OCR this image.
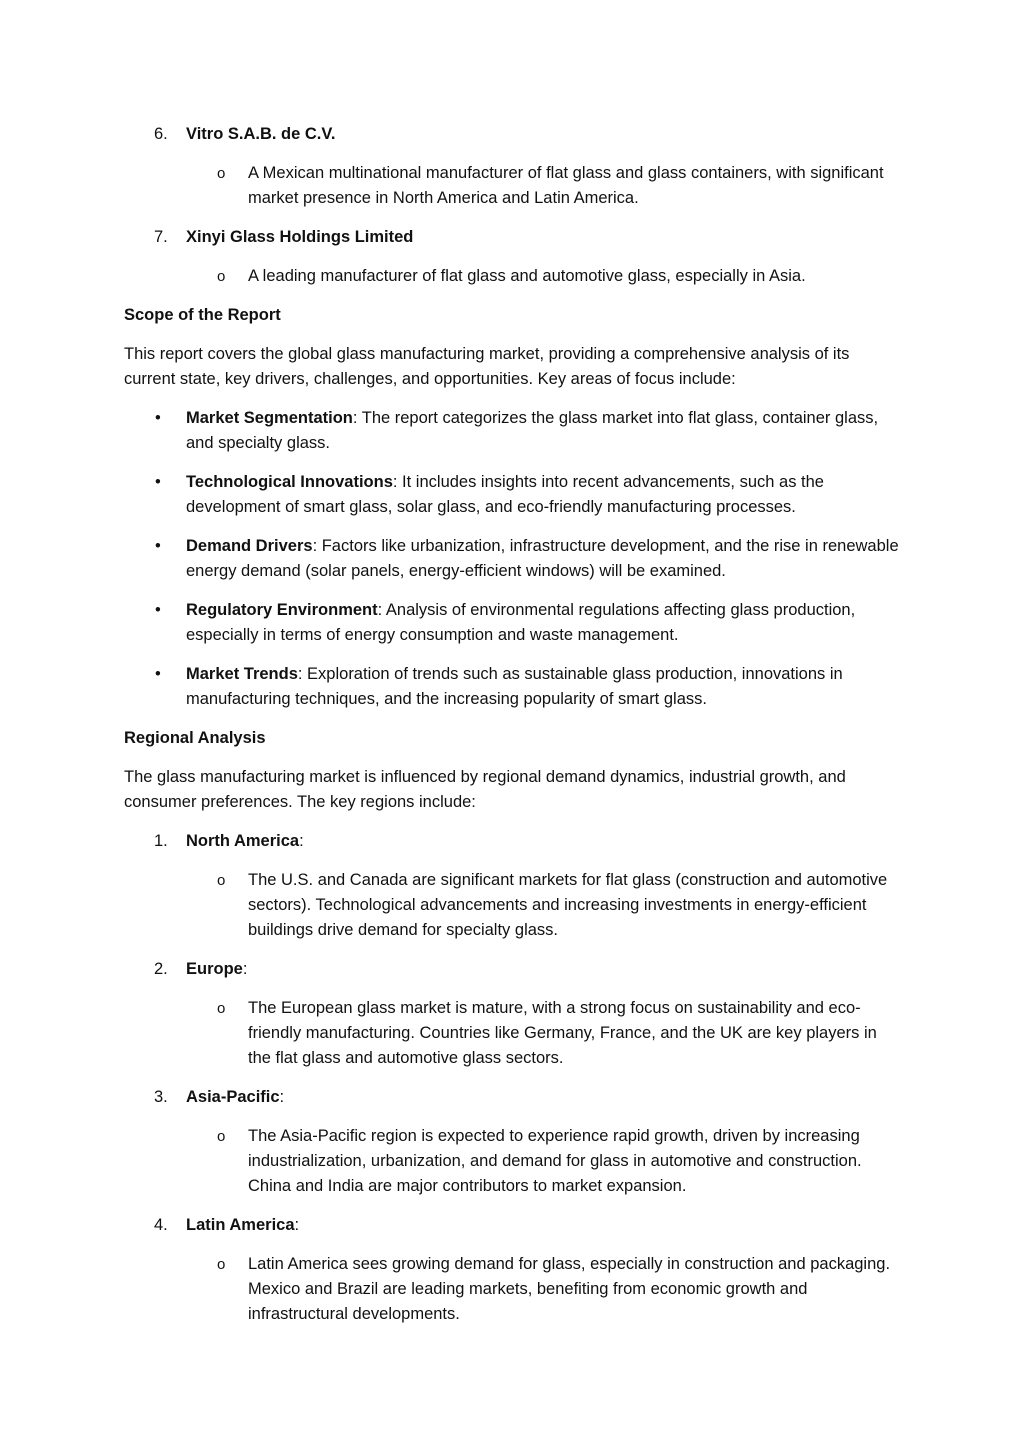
6. Vitro S.A.B. de C.V.
o A Mexican multinational manufacturer of flat glass and glass containers, with significant market presence in North America and Latin America.
7. Xinyi Glass Holdings Limited
o A leading manufacturer of flat glass and automotive glass, especially in Asia.
Scope of the Report
This report covers the global glass manufacturing market, providing a comprehensive analysis of its current state, key drivers, challenges, and opportunities. Key areas of focus include:
• Market Segmentation: The report categorizes the glass market into flat glass, container glass, and specialty glass.
• Technological Innovations: It includes insights into recent advancements, such as the development of smart glass, solar glass, and eco-friendly manufacturing processes.
• Demand Drivers: Factors like urbanization, infrastructure development, and the rise in renewable energy demand (solar panels, energy-efficient windows) will be examined.
• Regulatory Environment: Analysis of environmental regulations affecting glass production, especially in terms of energy consumption and waste management.
• Market Trends: Exploration of trends such as sustainable glass production, innovations in manufacturing techniques, and the increasing popularity of smart glass.
Regional Analysis
The glass manufacturing market is influenced by regional demand dynamics, industrial growth, and consumer preferences. The key regions include:
1. North America:
o The U.S. and Canada are significant markets for flat glass (construction and automotive sectors). Technological advancements and increasing investments in energy-efficient buildings drive demand for specialty glass.
2. Europe:
o The European glass market is mature, with a strong focus on sustainability and eco-friendly manufacturing. Countries like Germany, France, and the UK are key players in the flat glass and automotive glass sectors.
3. Asia-Pacific:
o The Asia-Pacific region is expected to experience rapid growth, driven by increasing industrialization, urbanization, and demand for glass in automotive and construction. China and India are major contributors to market expansion.
4. Latin America:
o Latin America sees growing demand for glass, especially in construction and packaging. Mexico and Brazil are leading markets, benefiting from economic growth and infrastructural developments.
